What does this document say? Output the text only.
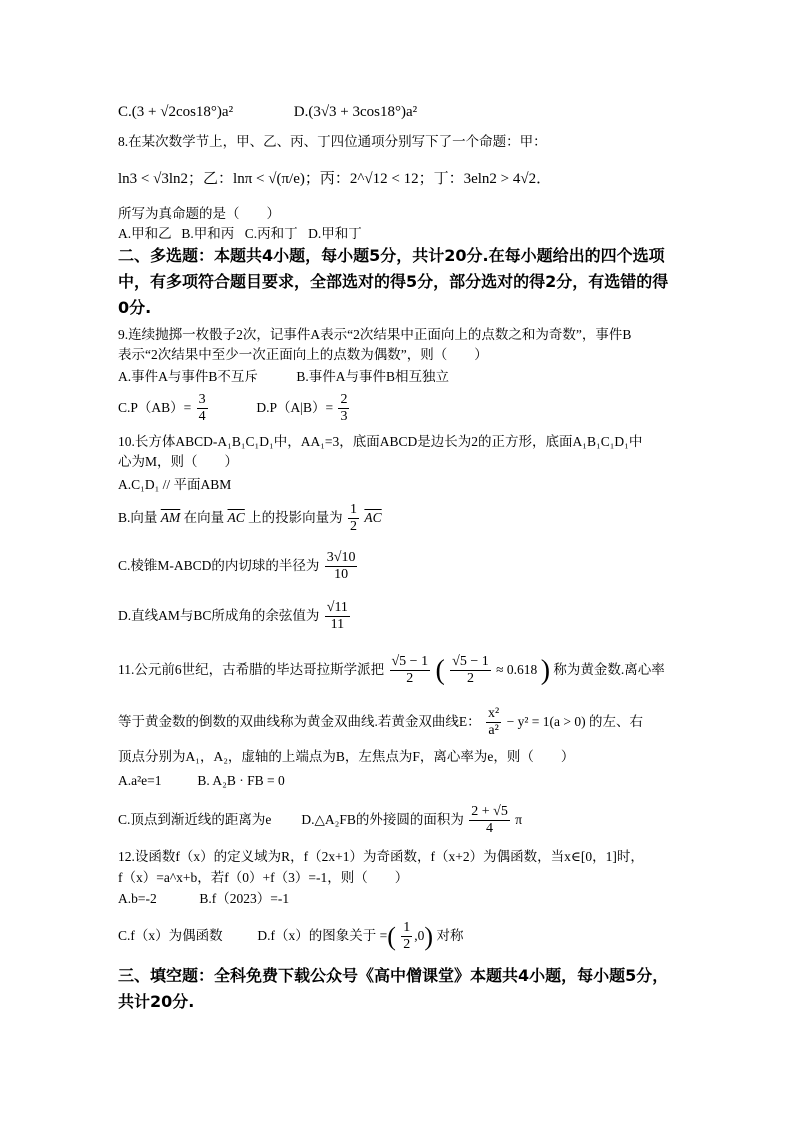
C.(3 + √2cos18°)a²	D.(3√3 + 3cos18°)a²
8.在某次数学节上，甲、乙、丙、丁四位通项分别写下了一个命题：甲：
ln3 < √3ln2；乙：lnπ < √(π/e)；丙：2^√12 < 12；丁：3eln2 > 4√2．
所写为真命题的是（　　）
A.甲和乙 B.甲和丙 C.丙和丁 D.甲和丁
二、多选题：本题共4小题，每小题5分，共计20分.在每小题给出的四个选项中，有多项符合题目要求，全部选对的得5分，部分选对的得2分，有选错的得0分.
9.连续抛掷一枚骰子2次，记事件A表示“2次结果中正面向上的点数之和为奇数”，事件B
表示“2次结果中至少一次正面向上的点数为偶数”，则（　　）
A.事件A与事件B不互斥	B.事件A与事件B相互独立
$C.P(AB)= \frac{3}{4}$	$D.P(A|B)= \frac{2}{3}$
10.长方体ABCD-A₁B₁C₁D₁中，AA₁=3，底面ABCD是边长为2的正方形，底面A₁B₁C₁D₁中
心为M，则（　　）
A.C₁D₁ // 平面ABM
B.向量 $\overline{AM}$ 在向量 $\overline{AC}$ 上的投影向量为 $\frac{1}{2} \overline{AC}$
C.棱锥M-ABCD的内切球的半径为 $\frac{3√10}{10}$
D.直线AM与BC所成角的余弦值为 $\frac{√11}{11}$
11.公元前6世纪，古希腊的毕达哥拉斯学派把 $\frac{√5 - 1}{2}$ ( $\frac{√5 - 1}{2} \approx 0.618$ ) 称为黄金数.离心率
等于黄金数的倒数的双曲线称为黄金双曲线.若黄金双曲线E： $\frac{\text{x²}}{\text{a²}} - y^2 = 1(a > 0)$ 的左、右
顶点分别为A₁，A₂，虚轴的上端点为B，左焦点为F，离心率为e，则（　　）
A.a²e=1	B. A₂B · FB = 0
C.顶点到渐近线的距离为e D.△A₂FB的外接圆的面积为 $\frac{2 + √5}{4}$ π
12.设函数f（x）的定义域为R，f（2x+1）为奇函数，f（x+2）为偶函数，当x∈[0，1]时，
f（x）=a^x+b，若f（0）+f（3）=-1，则（　　）
A.b=-2	B.f（2023）=-1
C.f（x）为偶函数	D.f（x）的图象关于 =( $\frac{1}{2} ,0$) 对称
三、填空题：全科免费下载公众号《高中僧课堂》本题共4小题，每小题5分，共计20分.
